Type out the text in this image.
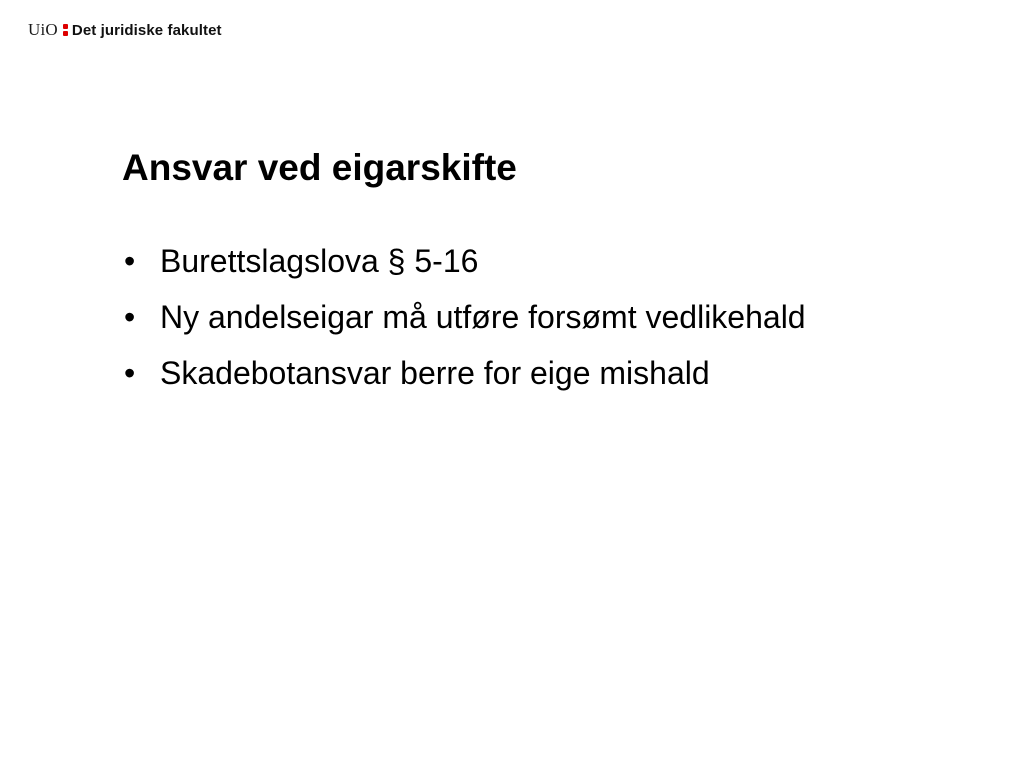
UiO Det juridiske fakultet
Ansvar ved eigarskifte
• Burettslagslova § 5-16
• Ny andelseigar må utføre forsømt vedlikehald
• Skadebotansvar berre for eige mishald
